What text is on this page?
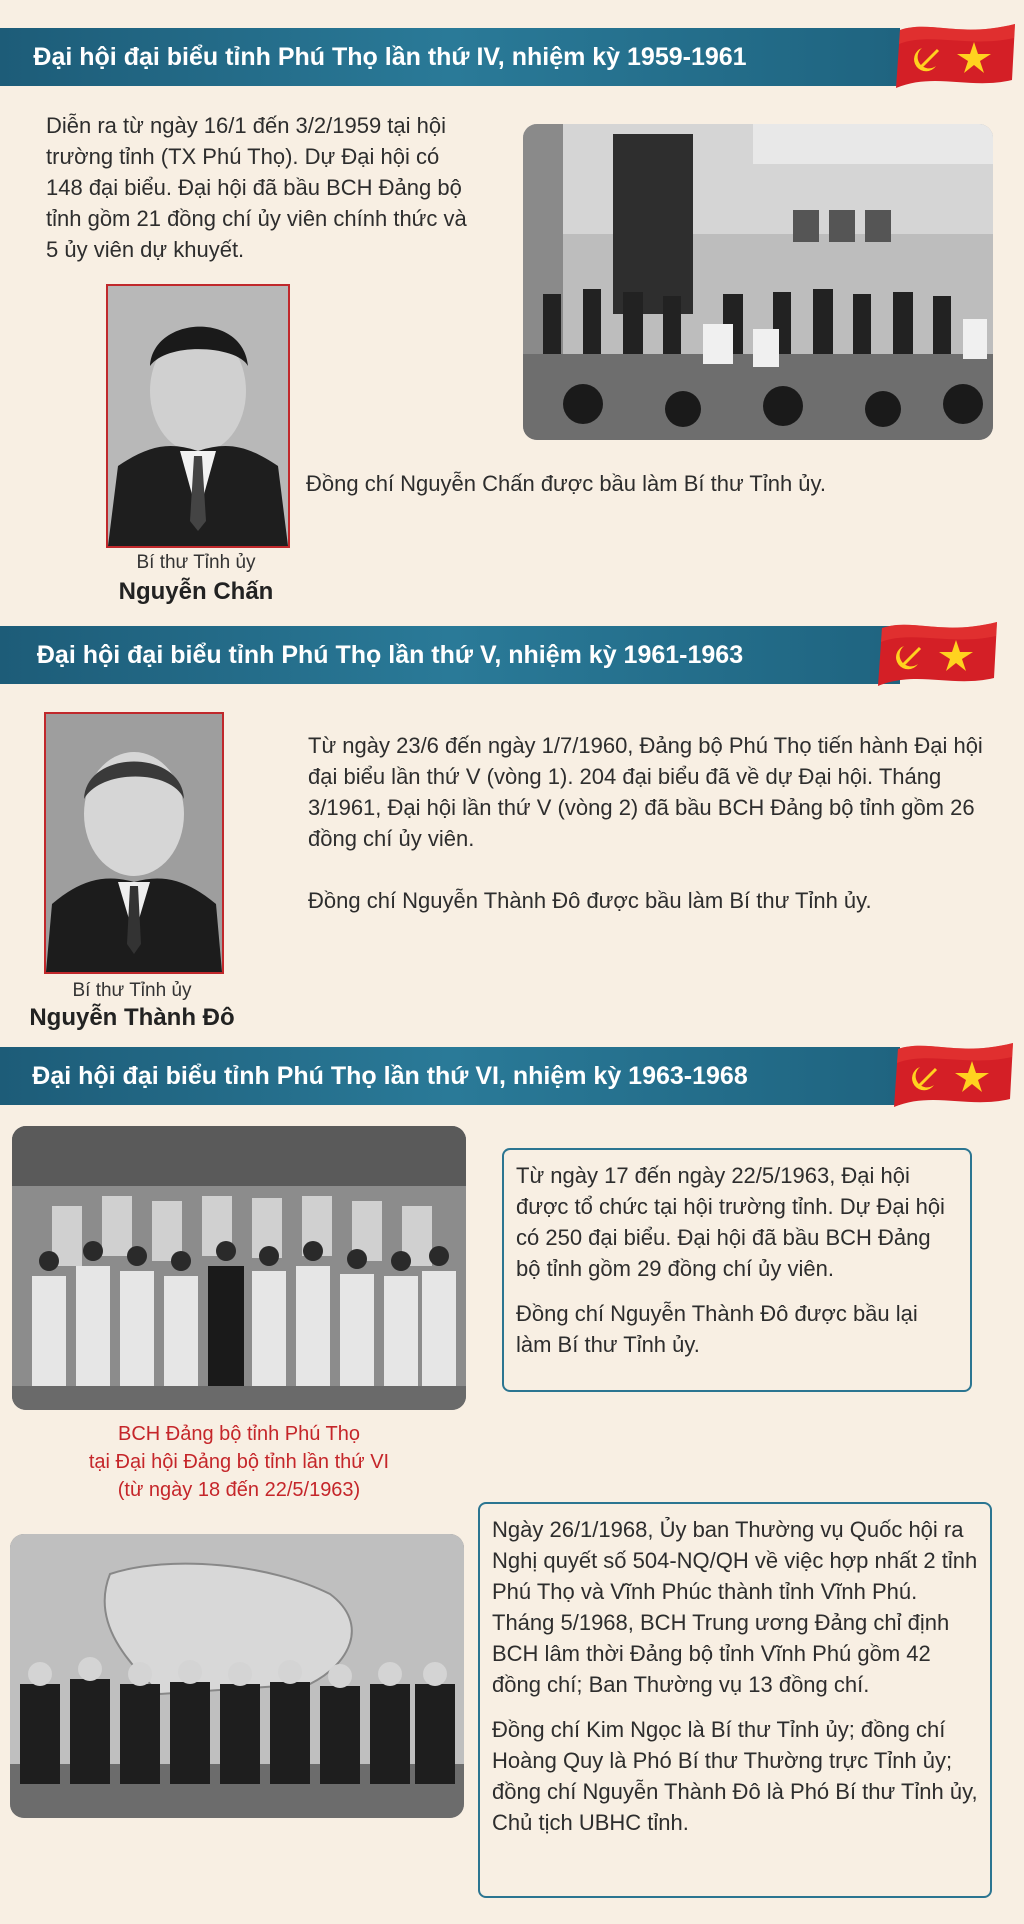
Đại hội đại biểu tỉnh Phú Thọ lần thứ IV, nhiệm kỳ 1959-1961

Diễn ra từ ngày 16/1 đến 3/2/1959 tại hội trường tỉnh (TX Phú Thọ). Dự Đại hội có 148 đại biểu. Đại hội đã bầu BCH Đảng bộ tỉnh gồm 21 đồng chí ủy viên chính thức và 5 ủy viên dự khuyết.

Bí thư Tỉnh ủy
Nguyễn Chấn
Đồng chí Nguyễn Chấn được bầu làm Bí thư Tỉnh ủy.
Đại hội đại biểu tỉnh Phú Thọ lần thứ V, nhiệm kỳ 1961-1963
Bí thư Tỉnh ủy
Nguyễn Thành Đô

Từ ngày 23/6 đến ngày 1/7/1960, Đảng bộ Phú Thọ tiến hành Đại hội đại biểu lần thứ V (vòng 1). 204 đại biểu đã về dự Đại hội. Tháng 3/1961, Đại hội lần thứ V (vòng 2) đã bầu BCH Đảng bộ tỉnh gồm 26 đồng chí ủy viên.

Đồng chí Nguyễn Thành Đô được bầu làm Bí thư Tỉnh ủy.

Đại hội đại biểu tỉnh Phú Thọ lần thứ VI, nhiệm kỳ 1963-1968
BCH Đảng bộ tỉnh Phú Thọ
tại Đại hội Đảng bộ tỉnh lần thứ VI
(từ ngày 18 đến 22/5/1963)

Từ ngày 17 đến ngày 22/5/1963, Đại hội được tổ chức tại hội trường tỉnh. Dự Đại hội có 250 đại biểu. Đại hội đã bầu BCH Đảng bộ tỉnh gồm 29 đồng chí ủy viên.

Đồng chí Nguyễn Thành Đô được bầu lại làm Bí thư Tỉnh ủy.

Ngày 26/1/1968, Ủy ban Thường vụ Quốc hội ra Nghị quyết số 504-NQ/QH về việc hợp nhất 2 tỉnh Phú Thọ và Vĩnh Phúc thành tỉnh Vĩnh Phú. Tháng 5/1968, BCH Trung ương Đảng chỉ định BCH lâm thời Đảng bộ tỉnh Vĩnh Phú gồm 42 đồng chí; Ban Thường vụ 13 đồng chí.

Đồng chí Kim Ngọc là Bí thư Tỉnh ủy; đồng chí Hoàng Quy là Phó Bí thư Thường trực Tỉnh ủy; đồng chí Nguyễn Thành Đô là Phó Bí thư Tỉnh ủy, Chủ tịch UBHC tỉnh.
